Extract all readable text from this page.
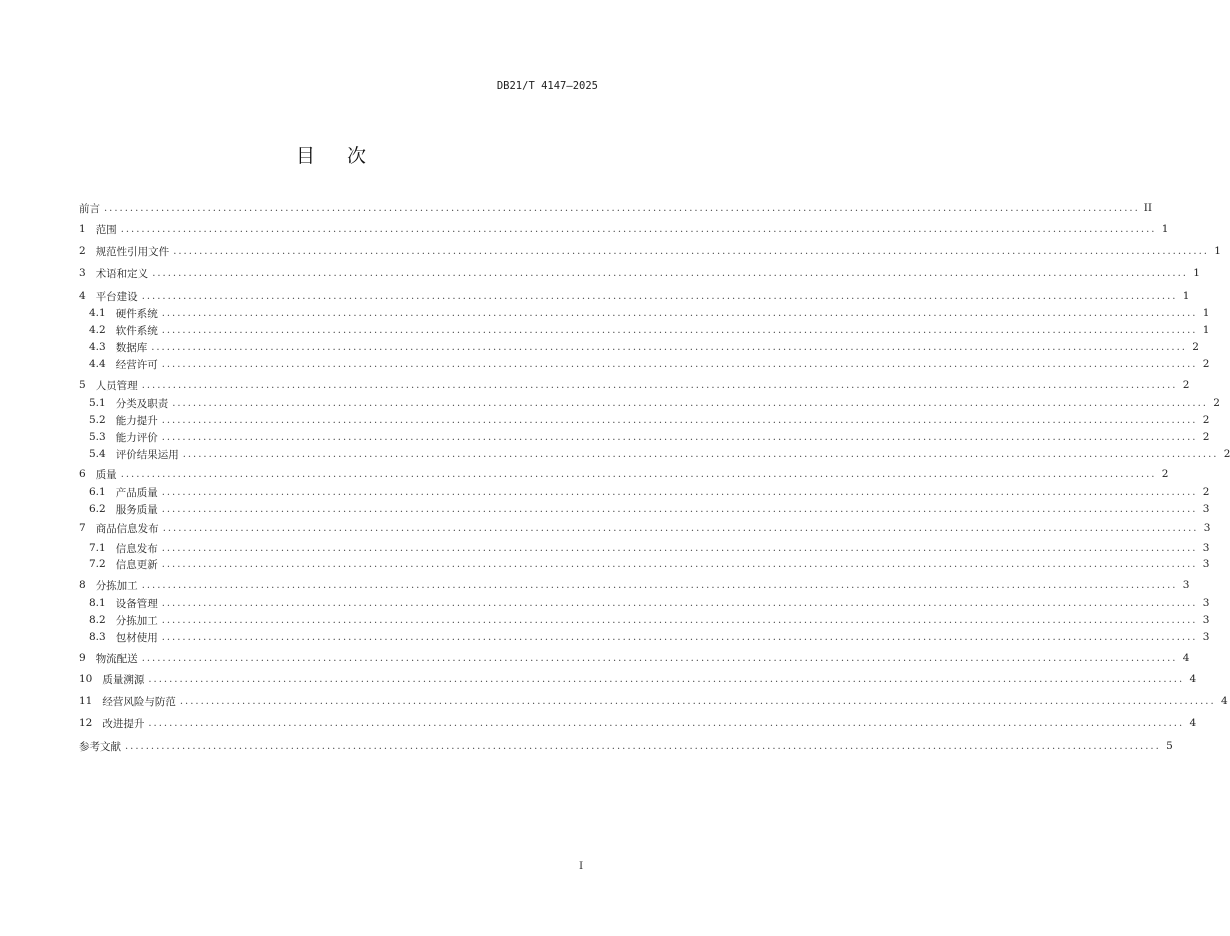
DB21/T 4147—2025
目次
前言 ........................................................................................................................................................................................................ II
1 范围 ........................................................................................................................................................................................................ 1
2 规范性引用文件 ........................................................................................................................................................................................................ 1
3 术语和定义 ........................................................................................................................................................................................................ 1
4 平台建设 ........................................................................................................................................................................................................ 1
4.1 硬件系统 ........................................................................................................................................................................................................ 1
4.2 软件系统 ........................................................................................................................................................................................................ 1
4.3 数据库 ........................................................................................................................................................................................................ 2
4.4 经营许可 ........................................................................................................................................................................................................ 2
5 人员管理 ........................................................................................................................................................................................................ 2
5.1 分类及职责 ........................................................................................................................................................................................................ 2
5.2 能力提升 ........................................................................................................................................................................................................ 2
5.3 能力评价 ........................................................................................................................................................................................................ 2
5.4 评价结果运用 ........................................................................................................................................................................................................ 2
6 质量 ........................................................................................................................................................................................................ 2
6.1 产品质量 ........................................................................................................................................................................................................ 2
6.2 服务质量 ........................................................................................................................................................................................................ 3
7 商品信息发布 ........................................................................................................................................................................................................ 3
7.1 信息发布 ........................................................................................................................................................................................................ 3
7.2 信息更新 ........................................................................................................................................................................................................ 3
8 分拣加工 ........................................................................................................................................................................................................ 3
8.1 设备管理 ........................................................................................................................................................................................................ 3
8.2 分拣加工 ........................................................................................................................................................................................................ 3
8.3 包材使用 ........................................................................................................................................................................................................ 3
9 物流配送 ........................................................................................................................................................................................................ 4
10 质量溯源 ........................................................................................................................................................................................................ 4
11 经营风险与防范 ........................................................................................................................................................................................................ 4
12 改进提升 ........................................................................................................................................................................................................ 4
参考文献 ........................................................................................................................................................................................................ 5
I
